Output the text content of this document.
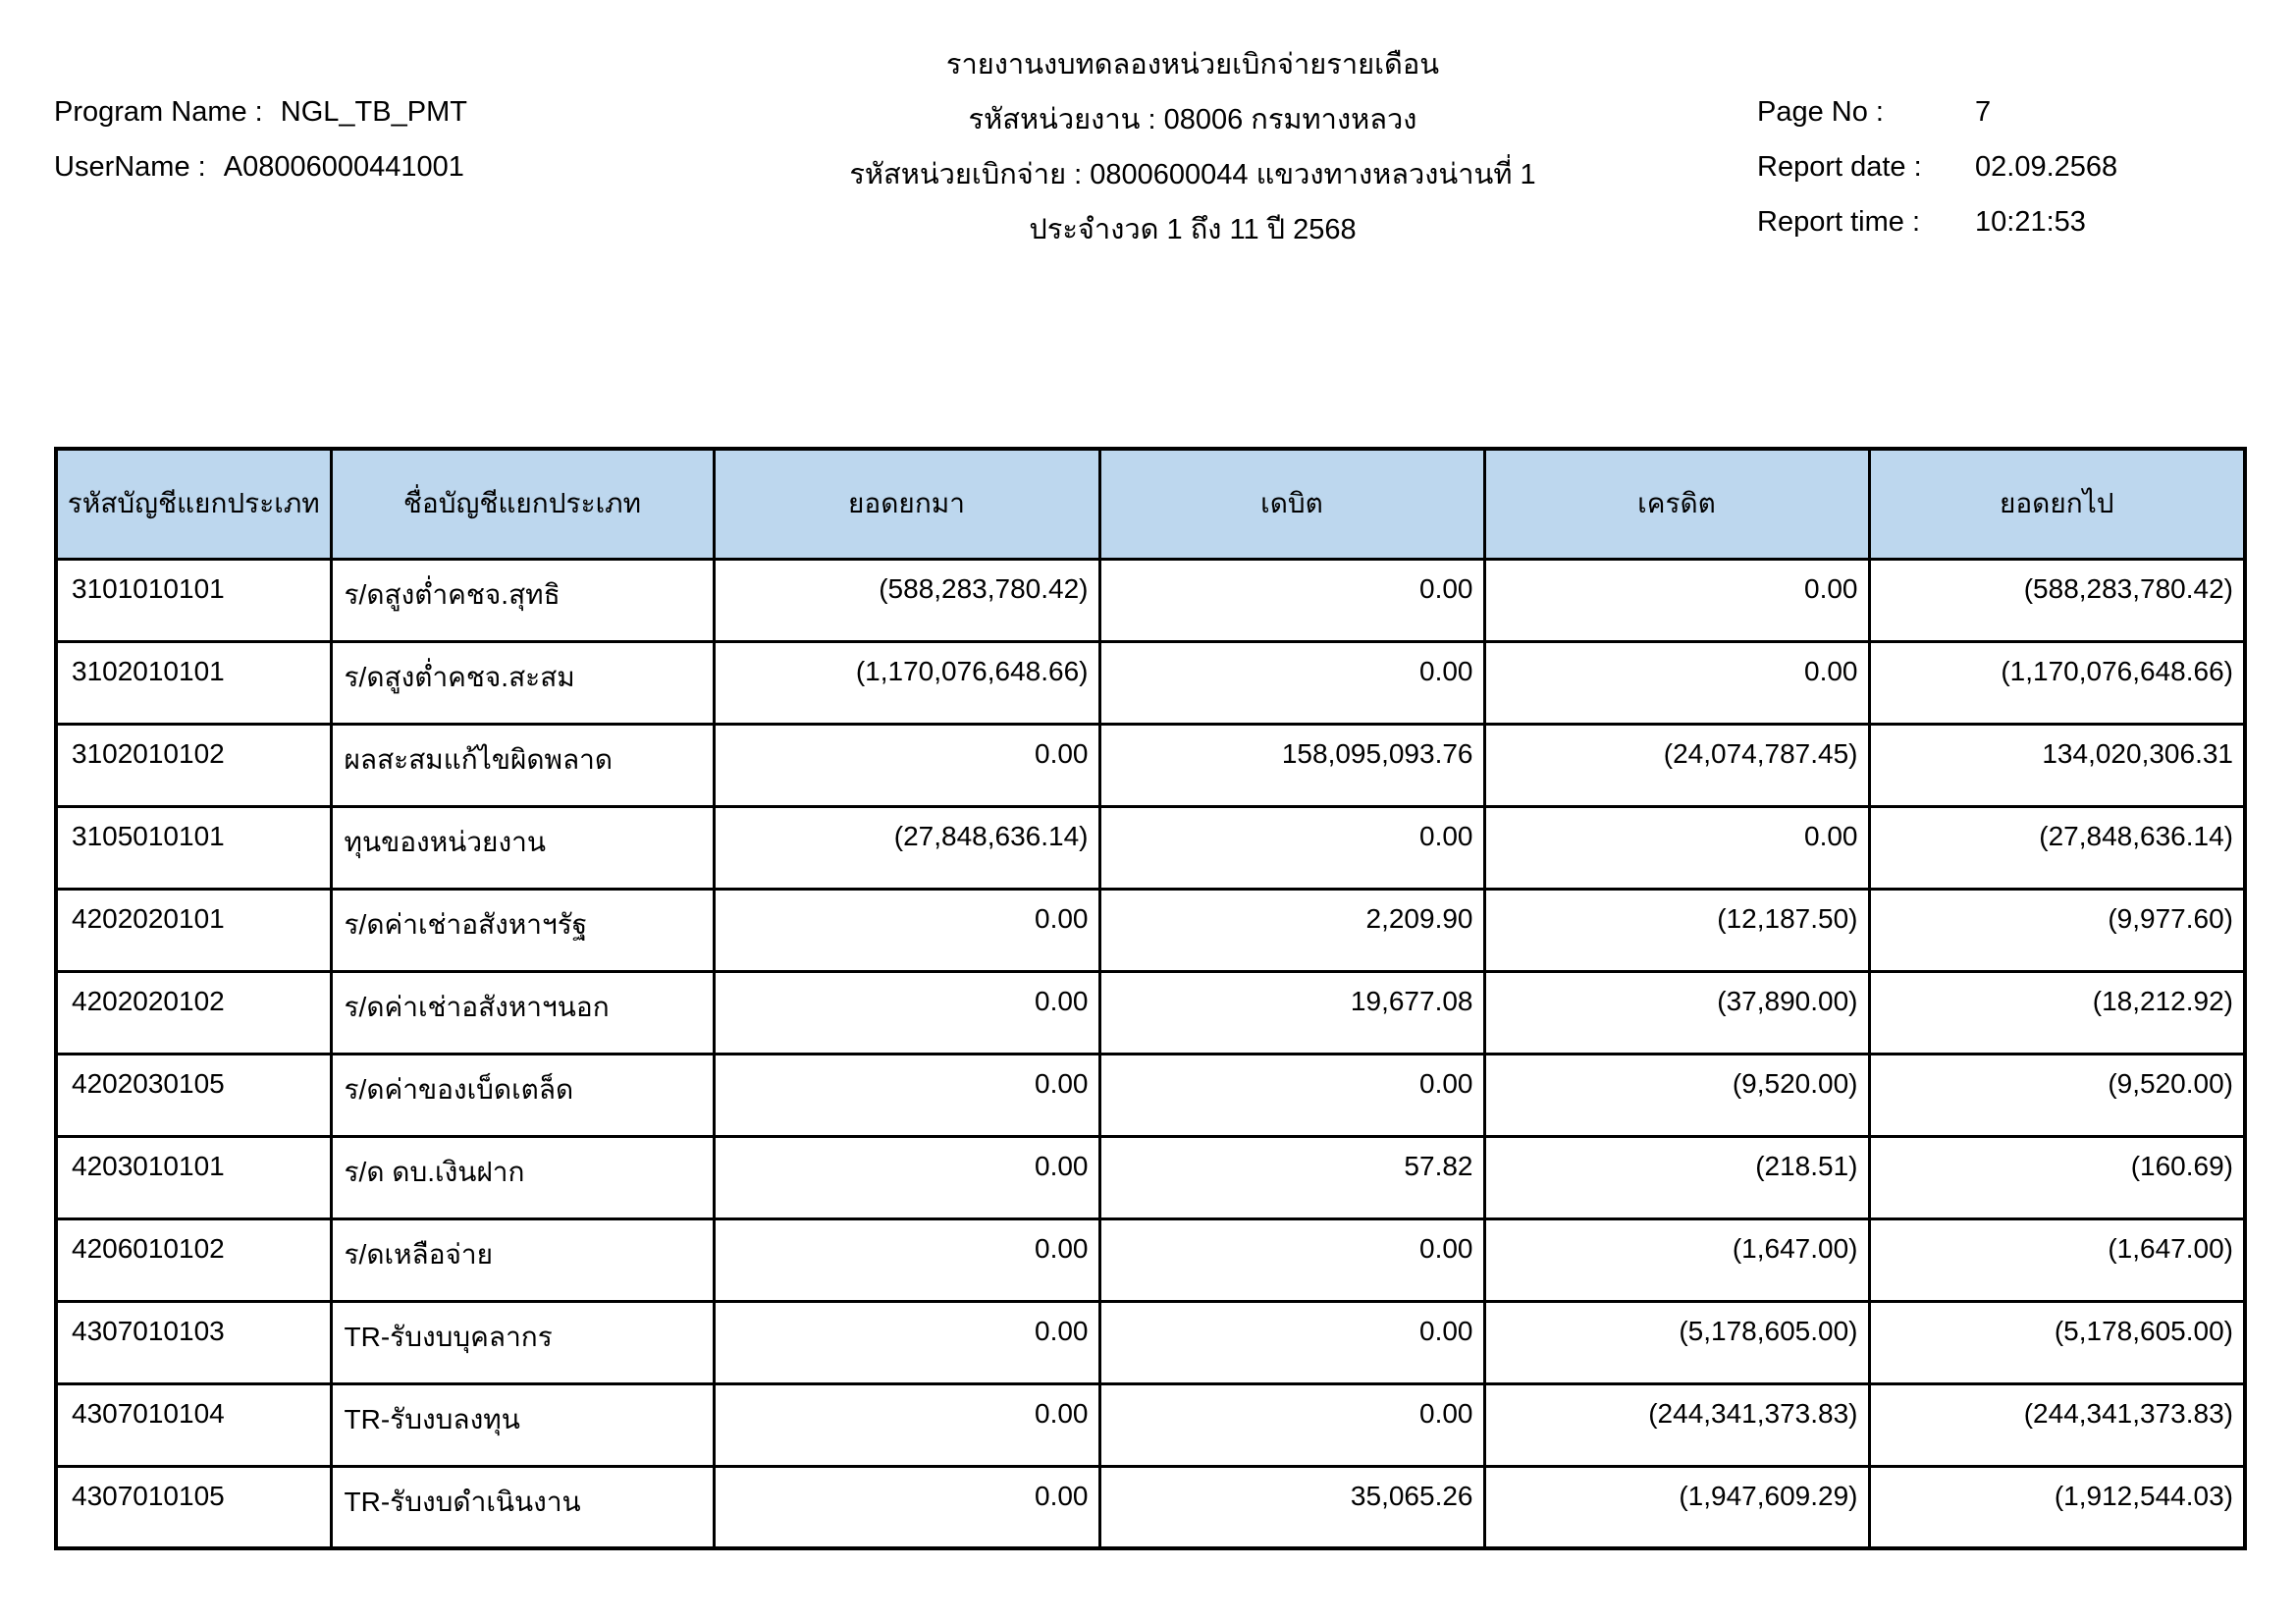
รายงานงบทดลองหน่วยเบิกจ่ายรายเดือน
Program Name : NGL_TB_PMT
UserName : A08006000441001
รหัสหน่วยงาน : 08006 กรมทางหลวง
รหัสหน่วยเบิกจ่าย : 0800600044 แขวงทางหลวงน่านที่ 1
ประจำงวด 1 ถึง 11 ปี 2568
Page No :	7
Report date : 02.09.2568
Report time : 10:21:53
รหัสบัญชีแยกประเภท	ชื่อบัญชีแยกประเภท	ยอดยกมา	เดบิต	เครดิต	ยอดยกไป
3101010101	ร/ดสูงต่ำคชจ.สุทธิ	(588,283,780.42)	0.00	0.00	(588,283,780.42)
3102010101	ร/ดสูงต่ำคชจ.สะสม	(1,170,076,648.66)	0.00	0.00	(1,170,076,648.66)
3102010102	ผลสะสมแก้ไขผิดพลาด	0.00	158,095,093.76	(24,074,787.45)	134,020,306.31
3105010101	ทุนของหน่วยงาน	(27,848,636.14)	0.00	0.00	(27,848,636.14)
4202020101	ร/ดค่าเช่าอสังหาฯรัฐ	0.00	2,209.90	(12,187.50)	(9,977.60)
4202020102	ร/ดค่าเช่าอสังหาฯนอก	0.00	19,677.08	(37,890.00)	(18,212.92)
4202030105	ร/ดค่าของเบ็ดเตล็ด	0.00	0.00	(9,520.00)	(9,520.00)
4203010101	ร/ด ดบ.เงินฝาก	0.00	57.82	(218.51)	(160.69)
4206010102	ร/ดเหลือจ่าย	0.00	0.00	(1,647.00)	(1,647.00)
4307010103	TR-รับงบบุคลากร	0.00	0.00	(5,178,605.00)	(5,178,605.00)
4307010104	TR-รับงบลงทุน	0.00	0.00	(244,341,373.83)	(244,341,373.83)
4307010105	TR-รับงบดำเนินงาน	0.00	35,065.26	(1,947,609.29)	(1,912,544.03)
